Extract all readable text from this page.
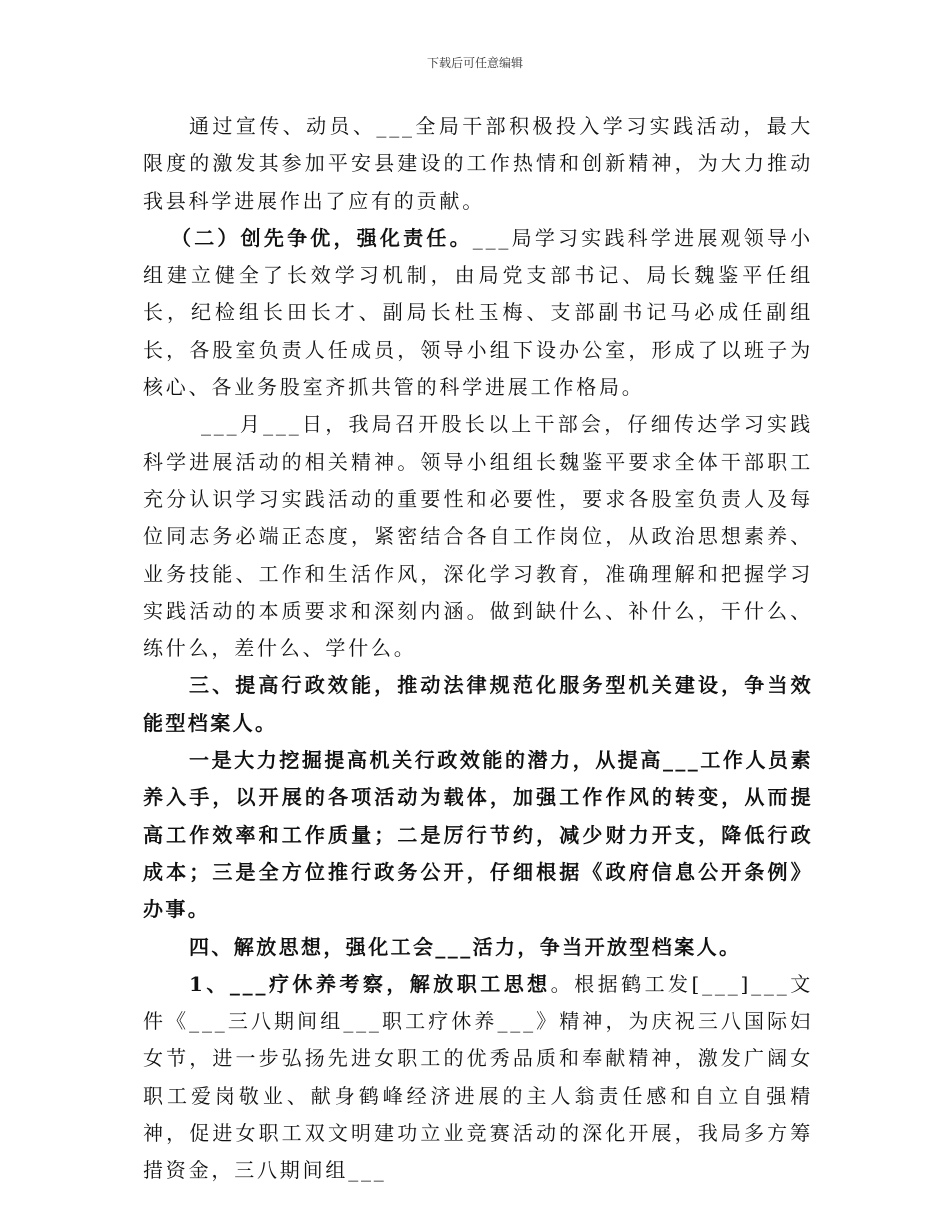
下载后可任意编辑

通过宣传、动员、___全局干部积极投入学习实践活动，最大限度的激发其参加平安县建设的工作热情和创新精神，为大力推动我县科学进展作出了应有的贡献。

（二）创先争优，强化责任。___局学习实践科学进展观领导小组建立健全了长效学习机制，由局党支部书记、局长魏鉴平任组长，纪检组长田长才、副局长杜玉梅、支部副书记马必成任副组长，各股室负责人任成员，领导小组下设办公室，形成了以班子为核心、各业务股室齐抓共管的科学进展工作格局。

___月___日，我局召开股长以上干部会，仔细传达学习实践科学进展活动的相关精神。领导小组组长魏鉴平要求全体干部职工充分认识学习实践活动的重要性和必要性，要求各股室负责人及每位同志务必端正态度，紧密结合各自工作岗位，从政治思想素养、业务技能、工作和生活作风，深化学习教育，准确理解和把握学习实践活动的本质要求和深刻内涵。做到缺什么、补什么，干什么、练什么，差什么、学什么。

三、提高行政效能，推动法律规范化服务型机关建设，争当效能型档案人。

一是大力挖掘提高机关行政效能的潜力，从提高___工作人员素养入手，以开展的各项活动为载体，加强工作作风的转变，从而提高工作效率和工作质量；二是厉行节约，减少财力开支，降低行政成本；三是全方位推行政务公开，仔细根据《政府信息公开条例》办事。

四、解放思想，强化工会___活力，争当开放型档案人。

1、___疗休养考察，解放职工思想。根据鹤工发[___]___文件《___三八期间组___职工疗休养___》精神，为庆祝三八国际妇女节，进一步弘扬先进女职工的优秀品质和奉献精神，激发广阔女职工爱岗敬业、献身鹤峰经济进展的主人翁责任感和自立自强精神，促进女职工双文明建功立业竞赛活动的深化开展，我局多方筹措资金，三八期间组___
